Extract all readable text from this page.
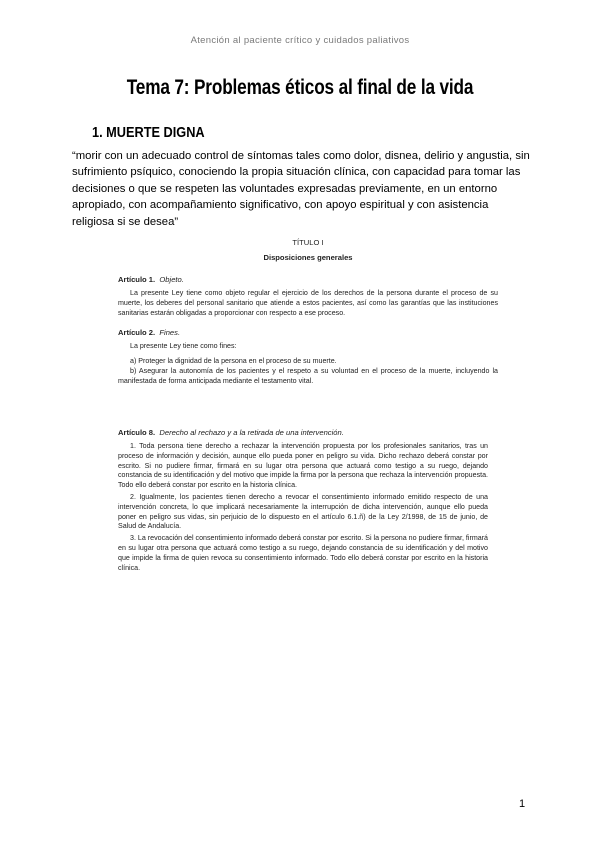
Atención al paciente crítico y cuidados paliativos
Tema 7: Problemas éticos al final de la vida
1. MUERTE DIGNA
“morir con un adecuado control de síntomas tales como dolor, disnea, delirio y angustia, sin sufrimiento psíquico, conociendo la propia situación clínica, con capacidad para tomar las decisiones o que se respeten las voluntades expresadas previamente, en un entorno apropiado, con acompañamiento significativo, con apoyo espiritual y con asistencia religiosa si se desea”
TÍTULO I
Disposiciones generales
Artículo 1. Objeto.
La presente Ley tiene como objeto regular el ejercicio de los derechos de la persona durante el proceso de su muerte, los deberes del personal sanitario que atiende a estos pacientes, así como las garantías que las instituciones sanitarias estarán obligadas a proporcionar con respecto a ese proceso.
Artículo 2. Fines.
La presente Ley tiene como fines:
a) Proteger la dignidad de la persona en el proceso de su muerte.
b) Asegurar la autonomía de los pacientes y el respeto a su voluntad en el proceso de la muerte, incluyendo la manifestada de forma anticipada mediante el testamento vital.
Artículo 8. Derecho al rechazo y a la retirada de una intervención.
1. Toda persona tiene derecho a rechazar la intervención propuesta por los profesionales sanitarios, tras un proceso de información y decisión, aunque ello pueda poner en peligro su vida. Dicho rechazo deberá constar por escrito. Si no pudiere firmar, firmará en su lugar otra persona que actuará como testigo a su ruego, dejando constancia de su identificación y del motivo que impide la firma por la persona que rechaza la intervención propuesta. Todo ello deberá constar por escrito en la historia clínica.
2. Igualmente, los pacientes tienen derecho a revocar el consentimiento informado emitido respecto de una intervención concreta, lo que implicará necesariamente la interrupción de dicha intervención, aunque ello pueda poner en peligro sus vidas, sin perjuicio de lo dispuesto en el artículo 6.1.ñ) de la Ley 2/1998, de 15 de junio, de Salud de Andalucía.
3. La revocación del consentimiento informado deberá constar por escrito. Si la persona no pudiere firmar, firmará en su lugar otra persona que actuará como testigo a su ruego, dejando constancia de su identificación y del motivo que impide la firma de quien revoca su consentimiento informado. Todo ello deberá constar por escrito en la historia clínica.
1
